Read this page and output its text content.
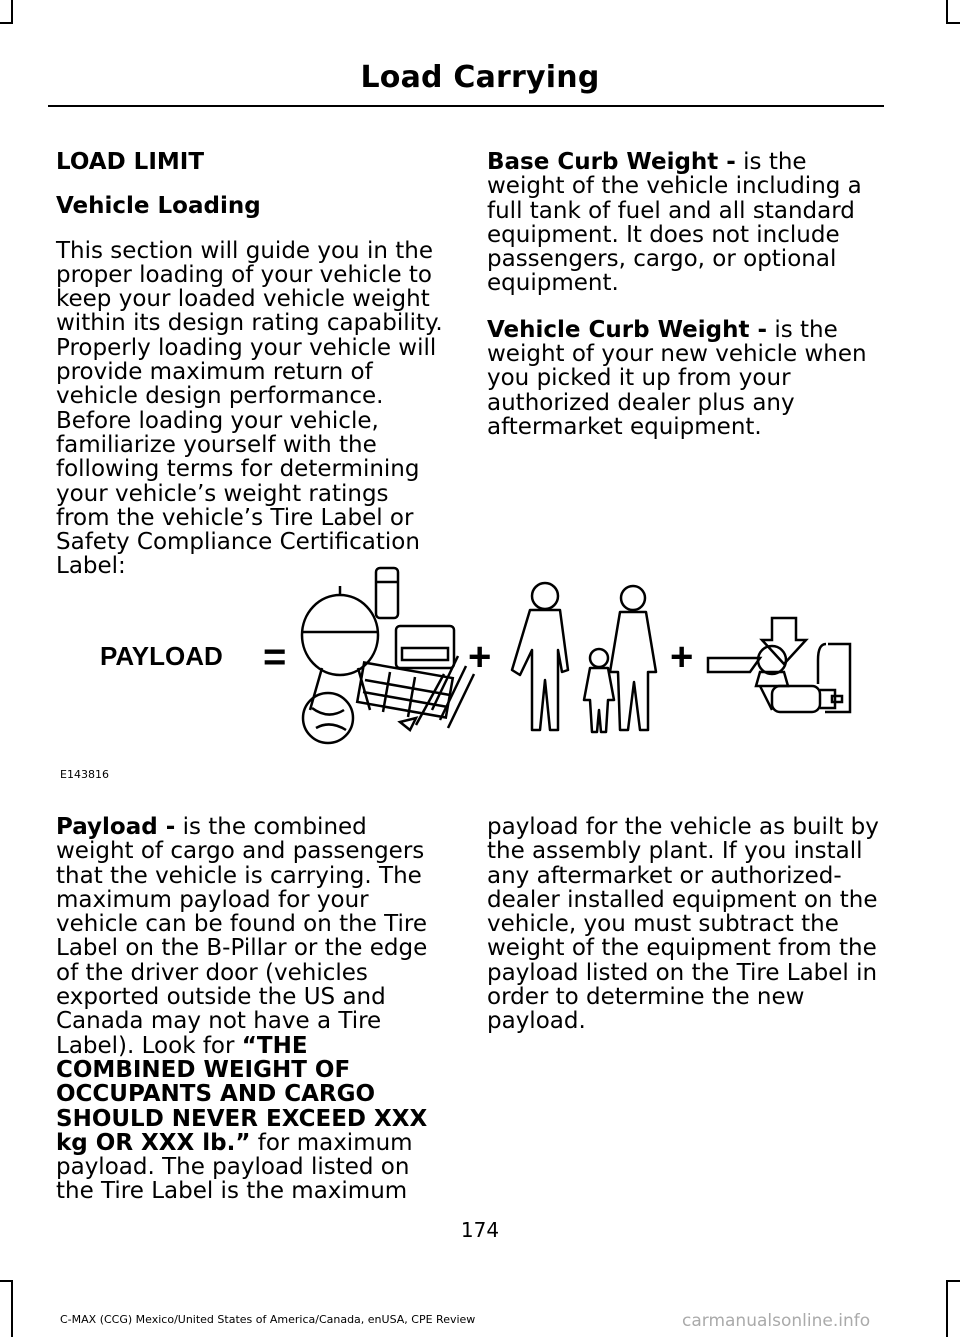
Load Carrying
LOAD LIMIT
Vehicle Loading

This section will guide you in the proper loading of your vehicle to keep your loaded vehicle weight within its design rating capability. Properly loading your vehicle will provide maximum return of vehicle design performance. Before loading your vehicle, familiarize yourself with the following terms for determining your vehicle’s weight ratings from the vehicle’s Tire Label or Safety Compliance Certification Label:

Base Curb Weight - is the weight of the vehicle including a full tank of fuel and all standard equipment. It does not include passengers, cargo, or optional equipment.

Vehicle Curb Weight - is the weight of your new vehicle when you picked it up from your authorized dealer plus any aftermarket equipment.

PAYLOAD =	+	+
E143816

Payload - is the combined weight of cargo and passengers that the vehicle is carrying. The maximum payload for your vehicle can be found on the Tire Label on the B-Pillar or the edge of the driver door (vehicles exported outside the US and Canada may not have a Tire Label). Look for “THE COMBINED WEIGHT OF OCCUPANTS AND CARGO SHOULD NEVER EXCEED XXX kg OR XXX lb.” for maximum payload. The payload listed on the Tire Label is the maximum

payload for the vehicle as built by the assembly plant. If you install any aftermarket or authorized-dealer installed equipment on the vehicle, you must subtract the weight of the equipment from the payload listed on the Tire Label in order to determine the new payload.

174
C-MAX (CCG) Mexico/United States of America/Canada, enUSA, CPE Review	carmanualsonline.info
